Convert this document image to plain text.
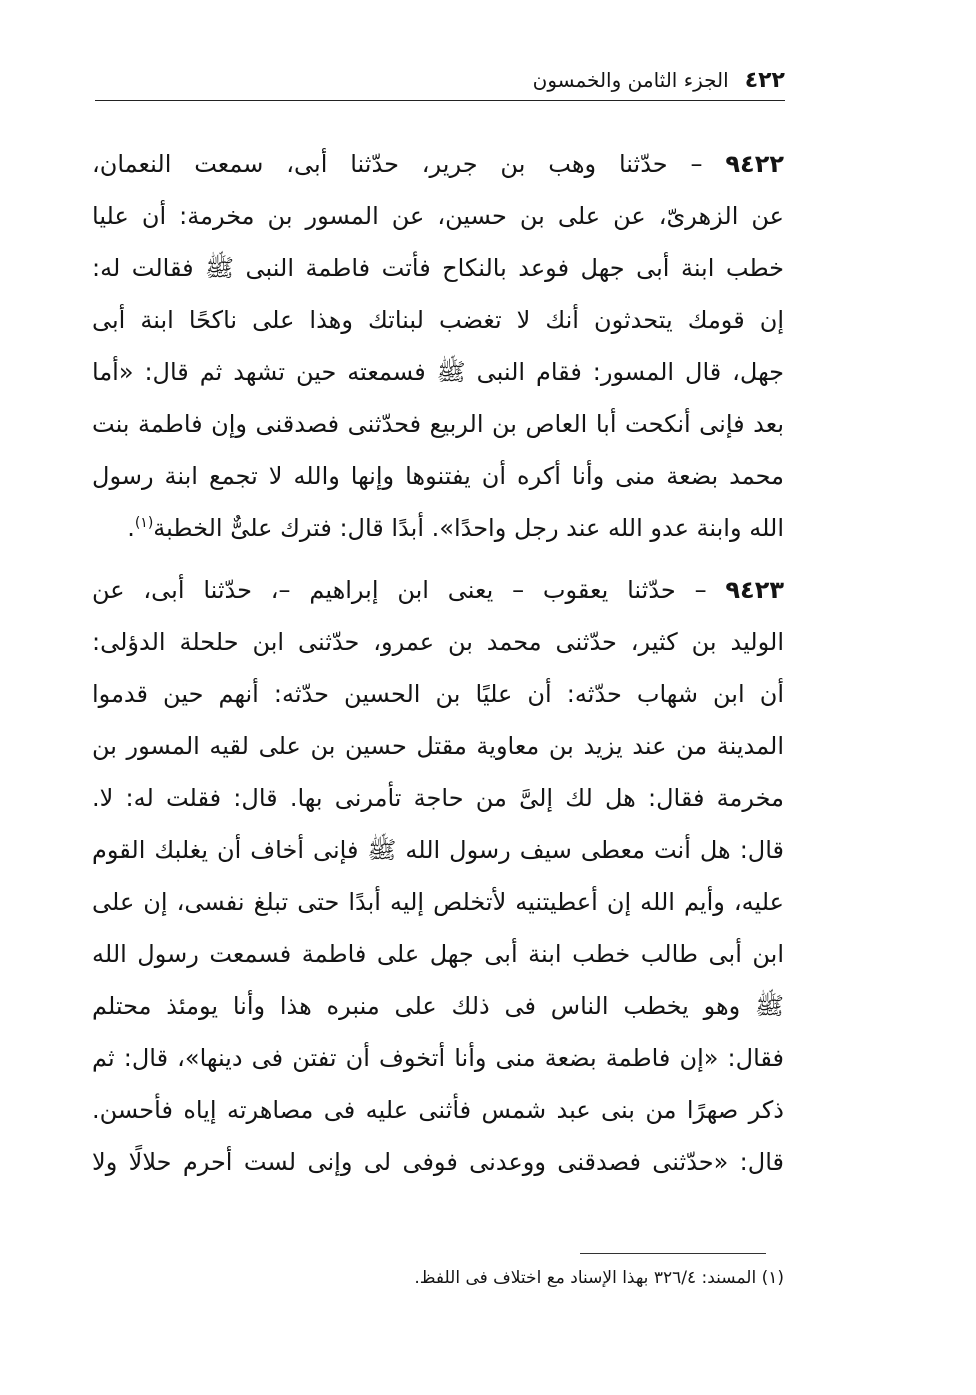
٤٢٢
الجزء الثامن والخمسون
٩٤٢٢ – حدّثنا وهب بن جرير، حدّثنا أبى، سمعت النعمان،
عن الزهرىّ، عن على بن حسين، عن المسور بن مخرمة: أن عليا
خطب ابنة أبى جهل فوعد بالنكاح فأتت فاطمة النبى ﷺ فقالت له:
إن قومك يتحدثون أنك لا تغضب لبناتك وهذا على ناكحًا ابنة أبى
جهل، قال المسور: فقام النبى ﷺ فسمعته حين تشهد ثم قال: «أما
بعد فإنى أنكحت أبا العاص بن الربيع فحدّثنى فصدقنى وإن فاطمة بنت
محمد بضعة منى وأنا أكره أن يفتنوها وإنها والله لا تجمع ابنة رسول
الله وابنة عدو الله عند رجل واحدًا». أبدًا قال: فترك علىٌّ الخطبة$^{(١)}$.
٩٤٢٣ – حدّثنا يعقوب – يعنى ابن إبراهيم –، حدّثنا أبى، عن
الوليد بن كثير، حدّثنى محمد بن عمرو، حدّثنى ابن حلحلة الدؤلى:
أن ابن شهاب حدّثه: أن عليًا بن الحسين حدّثه: أنهم حين قدموا
المدينة من عند يزيد بن معاوية مقتل حسين بن على لقيه المسور بن
مخرمة فقال: هل لك إلىَّ من حاجة تأمرنى بها. قال: فقلت له: لا.
قال: هل أنت معطى سيف رسول الله ﷺ فإنى أخاف أن يغلبك القوم
عليه، وأيم الله إن أعطيتنيه لأتخلص إليه أبدًا حتى تبلغ نفسى، إن على
ابن أبى طالب خطب ابنة أبى جهل على فاطمة فسمعت رسول الله
ﷺ وهو يخطب الناس فى ذلك على منبره هذا وأنا يومئذ محتلم
فقال: «إن فاطمة بضعة منى وأنا أتخوف أن تفتن فى دينها»، قال: ثم
ذكر صهرًا من بنى عبد شمس فأثنى عليه فى مصاهرته إياه فأحسن.
قال: «حدّثنى فصدقنى ووعدنى فوفى لى وإنى لست أحرم حلالًا ولا
(١) المسند: ٣٢٦/٤ بهذا الإسناد مع اختلاف فى اللفظ.
